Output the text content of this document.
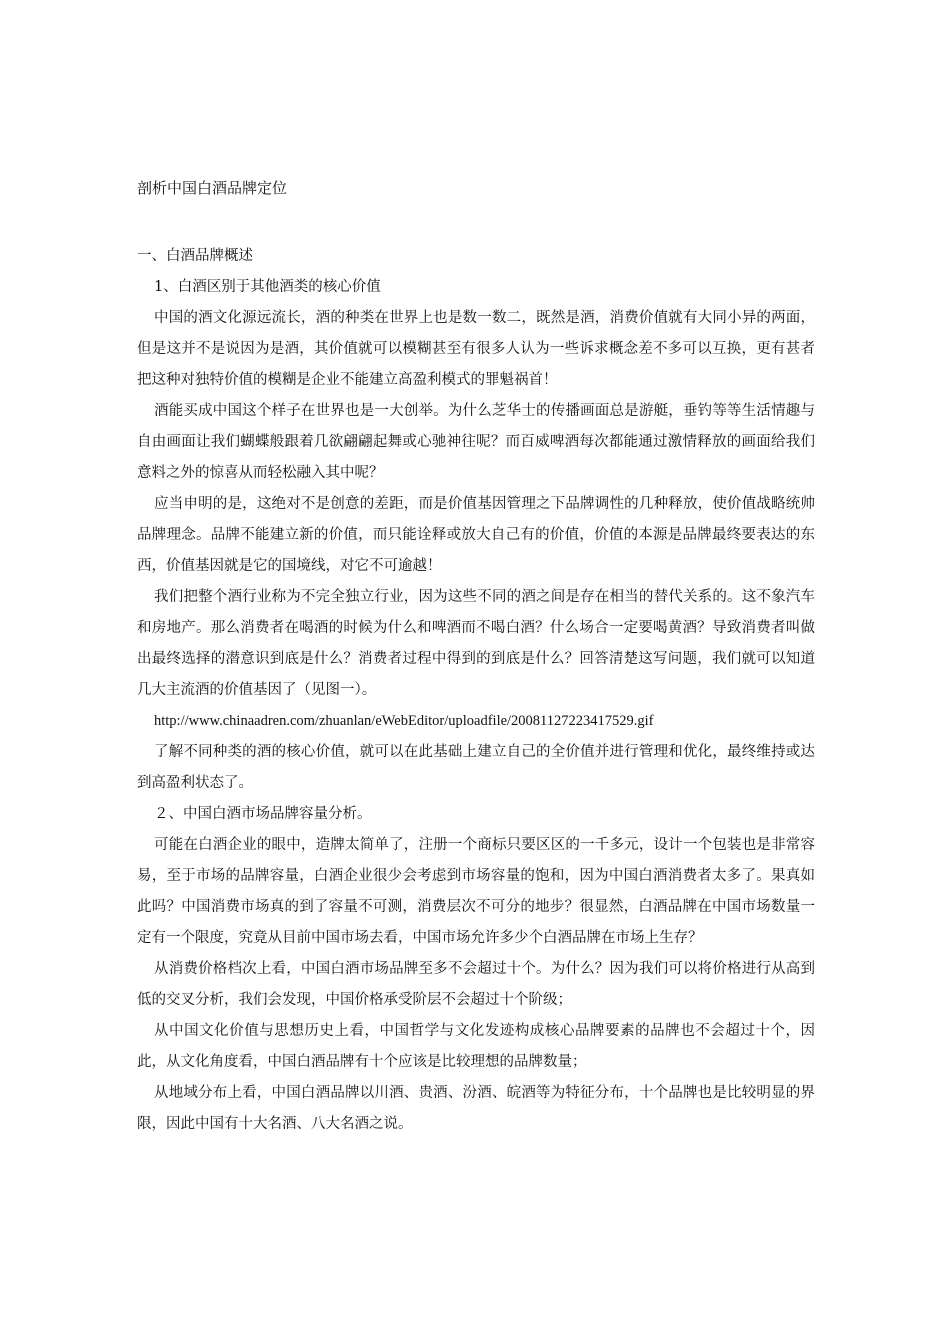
剖析中国白酒品牌定位

一、白酒品牌概述

1、白酒区别于其他酒类的核心价值

中国的酒文化源远流长，酒的种类在世界上也是数一数二，既然是酒，消费价值就有大同小异的两面，但是这并不是说因为是酒，其价值就可以模糊甚至有很多人认为一些诉求概念差不多可以互换，更有甚者把这种对独特价值的模糊是企业不能建立高盈利模式的罪魁祸首！

酒能买成中国这个样子在世界也是一大创举。为什么芝华士的传播画面总是游艇，垂钓等等生活情趣与自由画面让我们蝴蝶般跟着几欲翩翩起舞或心驰神往呢？而百威啤酒每次都能通过激情释放的画面给我们意料之外的惊喜从而轻松融入其中呢？

应当申明的是，这绝对不是创意的差距，而是价值基因管理之下品牌调性的几种释放，使价值战略统帅品牌理念。品牌不能建立新的价值，而只能诠释或放大自己有的价值，价值的本源是品牌最终要表达的东西，价值基因就是它的国境线，对它不可逾越！

我们把整个酒行业称为不完全独立行业，因为这些不同的酒之间是存在相当的替代关系的。这不象汽车和房地产。那么消费者在喝酒的时候为什么和啤酒而不喝白酒？什么场合一定要喝黄酒？导致消费者叫做出最终选择的潜意识到底是什么？消费者过程中得到的到底是什么？回答清楚这写问题，我们就可以知道几大主流酒的价值基因了（见图一）。

http://www.chinaadren.com/zhuanlan/eWebEditor/uploadfile/20081127223417529.gif

了解不同种类的酒的核心价值，就可以在此基础上建立自己的全价值并进行管理和优化，最终维持或达到高盈利状态了。

２、中国白酒市场品牌容量分析。

可能在白酒企业的眼中，造牌太简单了，注册一个商标只要区区的一千多元，设计一个包装也是非常容易，至于市场的品牌容量，白酒企业很少会考虑到市场容量的饱和，因为中国白酒消费者太多了。果真如此吗？中国消费市场真的到了容量不可测，消费层次不可分的地步？很显然，白酒品牌在中国市场数量一定有一个限度，究竟从目前中国市场去看，中国市场允许多少个白酒品牌在市场上生存？

从消费价格档次上看，中国白酒市场品牌至多不会超过十个。为什么？因为我们可以将价格进行从高到低的交叉分析，我们会发现，中国价格承受阶层不会超过十个阶级；

从中国文化价值与思想历史上看，中国哲学与文化发迹构成核心品牌要素的品牌也不会超过十个，因此，从文化角度看，中国白酒品牌有十个应该是比较理想的品牌数量；

从地域分布上看，中国白酒品牌以川酒、贵酒、汾酒、皖酒等为特征分布，十个品牌也是比较明显的界限，因此中国有十大名酒、八大名酒之说。
